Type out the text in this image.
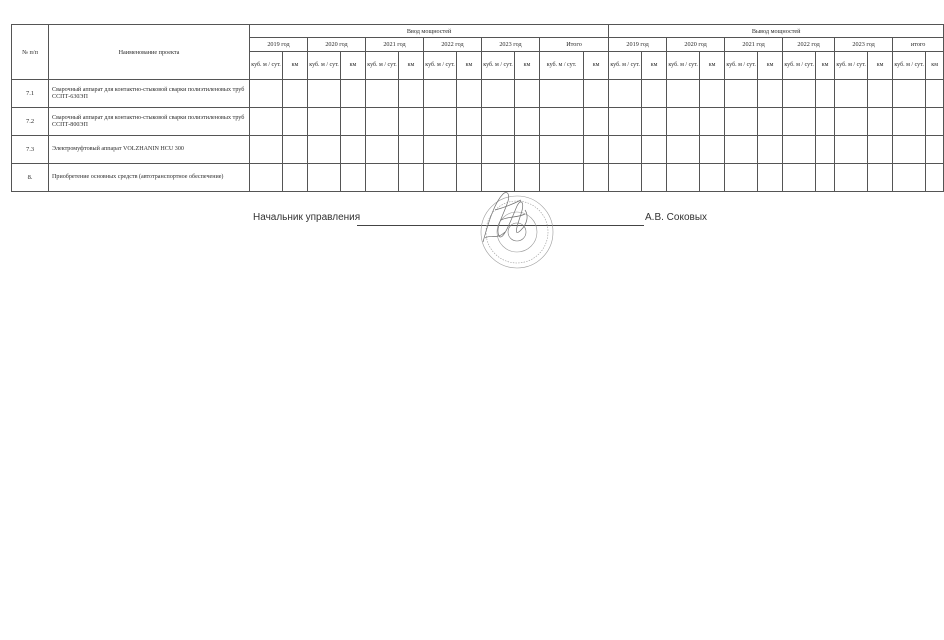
№ п/п	Наименование проекта	Ввод мощностей												Вывод мощностей											
		2019 год		2020 год		2021 год		2022 год		2023 год		Итого		2019 год		2020 год		2021 год		2022 год		2023 год		итого	
		куб. м / сут.	км	куб. м / сут.	км	куб. м / сут.	км	куб. м / сут.	км	куб. м / сут.	км	куб. м / сут.	км	куб. м / сут.	км	куб. м / сут.	км	куб. м / сут.	км	куб. м / сут.	км	куб. м / сут.	км	куб. м / сут.	км
7.1	Сварочный аппарат для контактно-стыковой сварки полиэтиленовых труб ССПТ-630ЭП																								
7.2	Сварочный аппарат для контактно-стыковой сварки полиэтиленовых труб ССПТ-800ЭП																								
7.3	Электромуфтовый аппарат VOLZHANIN HCU 300																								
8.	Приобретение основных средств (автотранспортное обеспечение)																								
Начальник управления	А.В. Соковых
